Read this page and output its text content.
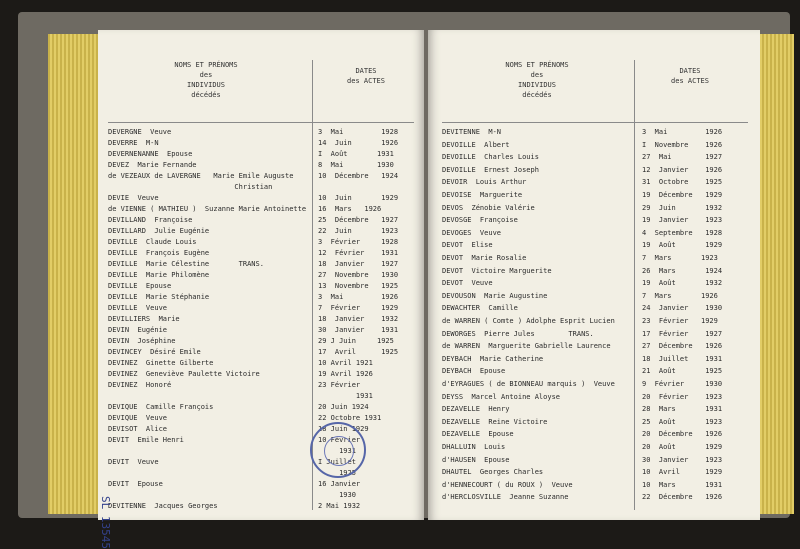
NOMS ET PRÉNOMS
des
INDIVIDUS
décédés
DATES
des ACTES
DEVERGNE  Veuve	3  Mai         1928
DEVERRE  M-N	14  Juin       1926
DEVERNENANNE  Epouse	I  Août       1931
DEVEZ  Marie Fernande	8  Mai        1930
de VEZEAUX de LAVERGNE   Marie Emile Auguste	10  Décembre   1924
Christian
DEVIE  Veuve	10  Juin       1929
de VIENNE ( MATHIEU )  Suzanne Marie Antoinette 16  Mars   1926
DEVILLAND  Françoise	25  Décembre   1927
DEVILLARD  Julie Eugénie	22  Juin       1923
DEVILLE  Claude Louis	3  Février     1928
DEVILLE  François Eugène	12  Février    1931
DEVILLE  Marie Célestine       TRANS.	18  Janvier    1927
DEVILLE  Marie Philomène	27  Novembre   1930
DEVILLE  Epouse	13  Novembre   1925
DEVILLE  Marie Stéphanie	3  Mai         1926
DEVILLE  Veuve	7  Février     1929
DEVILLIERS  Marie	18  Janvier    1932
DEVIN  Eugénie	30  Janvier    1931
DEVIN  Joséphine	29 J Juin     1925
DEVINCEY  Désiré Emile	17  Avril      1925
DEVINEZ  Ginette Gilberte	10 Avril 1921
DEVINEZ  Geneviève Paulette Victoire	19 Avril 1926
DEVINEZ  Honoré	23 Février
1931
DEVIQUE  Camille François	20 Juin 1924
DEVIQUE  Veuve	22 Octobre 1931
DEVISOT  Alice	18 Juin 1929
DEVIT  Emile Henri	10 Février
1931
DEVIT  Veuve	I Juillet
1925
DEVIT  Epouse	16 Janvier
1930
DEVITENNE  Jacques Georges	2 Mai 1932
NOMS ET PRÉNOMS
des
INDIVIDUS
décédés
DATES
des ACTES
DEVITENNE  M-N	3  Mai         1926
DEVOILLE  Albert	I  Novembre    1926
DEVOILLE  Charles Louis	27  Mai        1927
DEVOILLE  Ernest Joseph	12  Janvier    1926
DEVOIR  Louis Arthur	31  Octobre    1925
DEVOISE  Marguerite	19  Décembre   1929
DEVOS  Zénobie Valérie	29  Juin       1932
DEVOSGE  Françoise	19  Janvier    1923
DEVOGES  Veuve	4  Septembre   1928
DEVOT  Elise	19  Août       1929
DEVOT  Marie Rosalie	7  Mars       1923
DEVOT  Victoire Marguerite	26  Mars       1924
DEVOT  Veuve	19  Août       1932
DEVOUSON  Marie Augustine	7  Mars       1926
DEWACHTER  Camille	24  Janvier    1930
de WARREN ( Comte ) Adolphe Esprit Lucien	23  Février   1929
DEWORGES  Pierre Jules        TRANS.	17  Février    1927
de WARREN  Marguerite Gabrielle Laurence	27  Décembre   1926
DEYBACH  Marie Catherine	18  Juillet    1931
DEYBACH  Epouse	21  Août       1925
d'EYRAGUES ( de BIONNEAU marquis )  Veuve	9  Février     1930
DEYSS  Marcel Antoine Aloyse	20  Février    1923
DEZAVELLE  Henry	28  Mars       1931
DEZAVELLE  Reine Victoire	25  Août       1923
DEZAVELLE  Epouse	20  Décembre   1926
DHALLUIN  Louis	20  Août       1929
d'HAUSEN  Epouse	30  Janvier    1923
DHAUTEL  Georges Charles	10  Avril      1929
d'HENNECOURT ( du ROUX )  Veuve	10  Mars       1931
d'HERCLOSVILLE  Jeanne Suzanne	22  Décembre   1926
SL 13545
